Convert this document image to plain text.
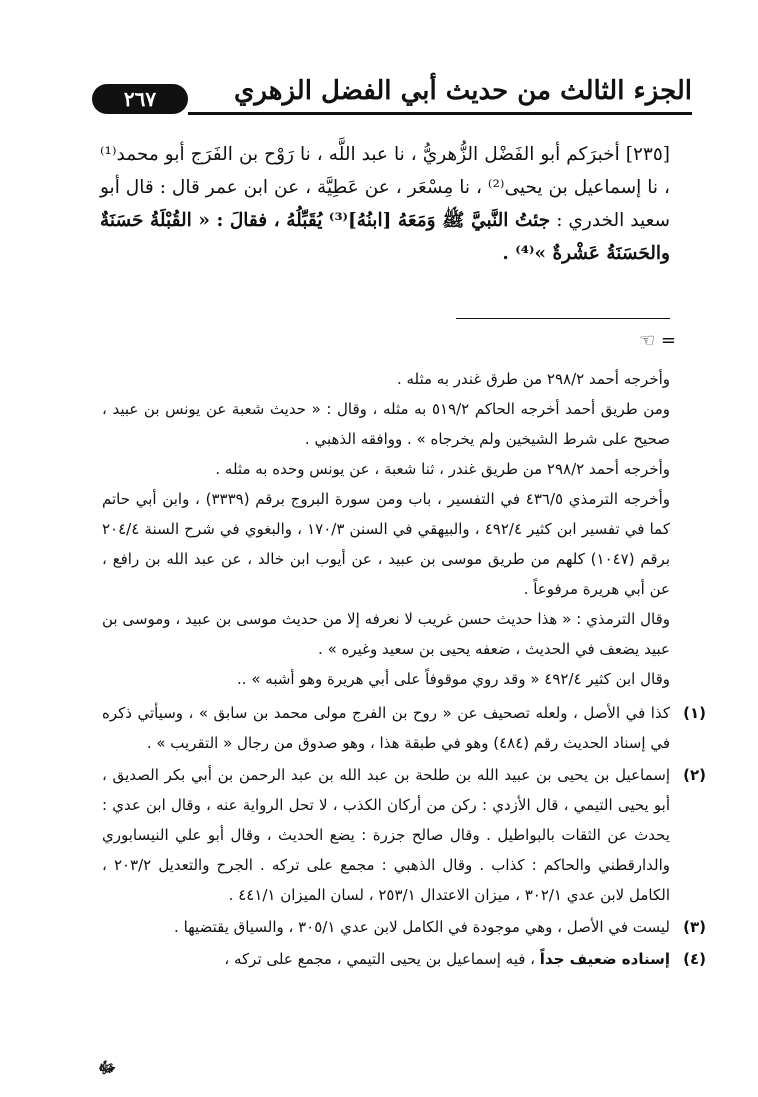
٢٦٧	الجزء الثالث من حديث أبي الفضل الزهري

[٢٣٥] أخبرَكم أبو الفَضْل الزُّهريُّ ، نا عبد اللَّه ، نا رَوْح بن الفَرَج أبو محمد⁽¹⁾ ، نا إسماعيل بن يحيى⁽²⁾ ، نا مِسْعَر ، عن عَطِيَّة ، عن ابن عمر قال : قال أبو سعيد الخدري : جئتُ النَّبيَّ ﷺ وَمَعَهُ [ابنُهُ]⁽³⁾ يُقَبِّلُهُ ، فقالَ : « القُبْلَةُ حَسَنَةٌ والحَسَنَةُ عَشْرةٌ »⁽⁴⁾ .

= ☜

وأخرجه أحمد ٢٩٨/٢ من طرق غندر به مثله .

ومن طريق أحمد أخرجه الحاكم ٥١٩/٢ به مثله ، وقال : « حديث شعبة عن يونس بن عبيد ، صحيح على شرط الشيخين ولم يخرجاه » . ووافقه الذهبي .

وأخرجه أحمد ٢٩٨/٢ من طريق غندر ، ثنا شعبة ، عن يونس وحده به مثله .

وأخرجه الترمذي ٤٣٦/٥ في التفسير ، باب ومن سورة البروج برقم (٣٣٣٩) ، وابن أبي حاتم كما في تفسير ابن كثير ٤٩٢/٤ ، والبيهقي في السنن ١٧٠/٣ ، والبغوي في شرح السنة ٢٠٤/٤ برقم (١٠٤٧) كلهم من طريق موسى بن عبيد ، عن أيوب ابن خالد ، عن عبد الله بن رافع ، عن أبي هريرة مرفوعاً .

وقال الترمذي : « هذا حديث حسن غريب لا نعرفه إلا من حديث موسى بن عبيد ، وموسى بن عبيد يضعف في الحديث ، ضعفه يحيى بن سعيد وغيره » .

وقال ابن كثير ٤٩٢/٤ « وقد روي موقوفاً على أبي هريرة وهو أشبه » ..

(١)
كذا في الأصل ، ولعله تصحيف عن « روح بن الفرج مولى محمد بن سابق » ، وسيأتي ذكره في إسناد الحديث رقم (٤٨٤) وهو في طبقة هذا ، وهو صدوق من رجال « التقريب » .
(٢)
إسماعيل بن يحيى بن عبيد الله بن طلحة بن عبد الله بن عبد الرحمن بن أبي بكر الصديق ، أبو يحيى التيمي ، قال الأزدي : ركن من أركان الكذب ، لا تحل الرواية عنه ، وقال ابن عدي : يحدث عن الثقات بالبواطيل . وقال صالح جزرة : يضع الحديث ، وقال أبو علي النيسابوري والدارقطني والحاكم : كذاب . وقال الذهبي : مجمع على تركه . الجرح والتعديل ٢٠٣/٢ ، الكامل لابن عدي ٣٠٢/١ ، ميزان الاعتدال ٢٥٣/١ ، لسان الميزان ٤٤١/١ .
(٣)
ليست في الأصل ، وهي موجودة في الكامل لابن عدي ٣٠٥/١ ، والسياق يقتضيها .
(٤)
إسناده ضعيف جداً ، فيه إسماعيل بن يحيى التيمي ، مجمع على تركه ،
ﷻ
